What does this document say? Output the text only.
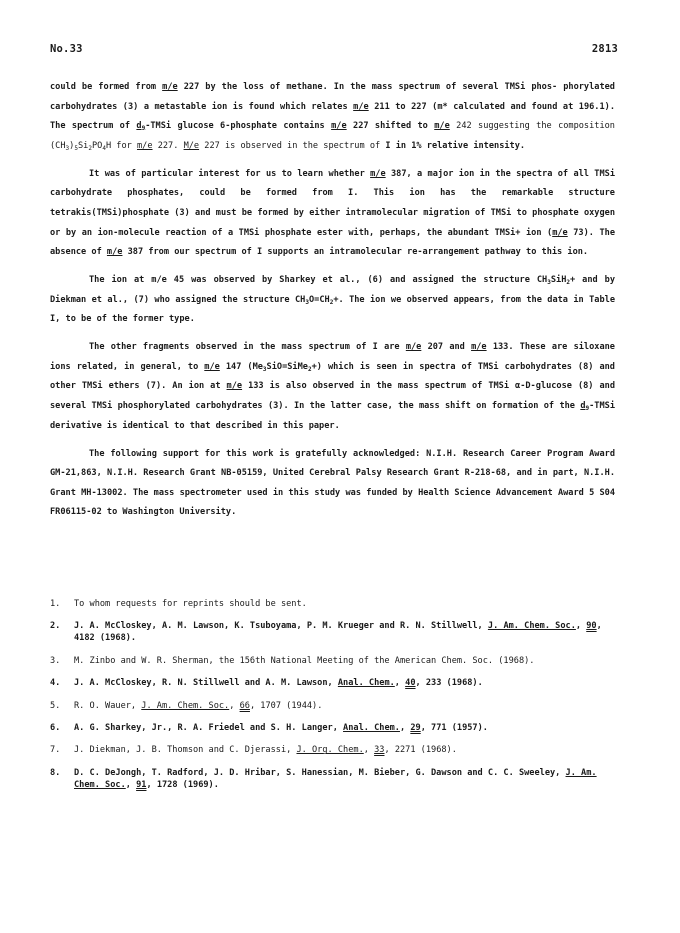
No.33	2813

could be formed from m/e 227 by the loss of methane. In the mass spectrum of several TMSi phos- phorylated carbohydrates (3) a metastable ion is found which relates m/e 211 to 227 (m* calculated and found at 196.1). The spectrum of $d_9$-TMSi glucose 6-phosphate contains m/e 227 shifted to m/e 242 suggesting the composition $(CH_3)_5Si_2PO_4H$ for m/e 227. M/e 227 is observed in the spectrum of I in 1% relative intensity.

It was of particular interest for us to learn whether m/e 387, a major ion in the spectra of all TMSi carbohydrate phosphates, could be formed from I. This ion has the remarkable structure tetrakis(TMSi)phosphate (3) and must be formed by either intramolecular migration of TMSi to phosphate oxygen or by an ion-molecule reaction of a TMSi phosphate ester with, perhaps, the abundant TMSi+ ion (m/e 73). The absence of m/e 387 from our spectrum of I supports an intramolecular re-arrangement pathway to this ion.

The ion at m/e 45 was observed by Sharkey et al., (6) and assigned the structure $CH_3SiH_2+$ and by Diekman et al., (7) who assigned the structure $CH_3O=CH_2+$. The ion we observed appears, from the data in Table I, to be of the former type.

The other fragments observed in the mass spectrum of I are m/e 207 and m/e 133. These are siloxane ions related, in general, to m/e 147 $(Me_3SiO=SiMe_2+)$ which is seen in spectra of TMSi carbohydrates (8) and other TMSi ethers (7). An ion at m/e 133 is also observed in the mass spectrum of TMSi α-D-glucose (8) and several TMSi phosphorylated carbohydrates (3). In the latter case, the mass shift on formation of the $d_9$-TMSi derivative is identical to that described in this paper.

The following support for this work is gratefully acknowledged: N.I.H. Research Career Program Award GM-21,863, N.I.H. Research Grant NB-05159, United Cerebral Palsy Research Grant R-218-68, and in part, N.I.H. Grant MH-13002. The mass spectrometer used in this study was funded by Health Science Advancement Award 5 S04 FR06115-02 to Washington University.

1. To whom requests for reprints should be sent.
2. J. A. McCloskey, A. M. Lawson, K. Tsuboyama, P. M. Krueger and R. N. Stillwell, J. Am. Chem. Soc., 90, 4182 (1968).
3. M. Zinbo and W. R. Sherman, the 156th National Meeting of the American Chem. Soc. (1968).
4. J. A. McCloskey, R. N. Stillwell and A. M. Lawson, Anal. Chem., 40, 233 (1968).
5. R. O. Wauer, J. Am. Chem. Soc., 66, 1707 (1944).
6. A. G. Sharkey, Jr., R. A. Friedel and S. H. Langer, Anal. Chem., 29, 771 (1957).
7. J. Diekman, J. B. Thomson and C. Djerassi, J. Org. Chem., 33, 2271 (1968).
8. D. C. DeJongh, T. Radford, J. D. Hribar, S. Hanessian, M. Bieber, G. Dawson and C. C. Sweeley, J. Am. Chem. Soc., 91, 1728 (1969).
